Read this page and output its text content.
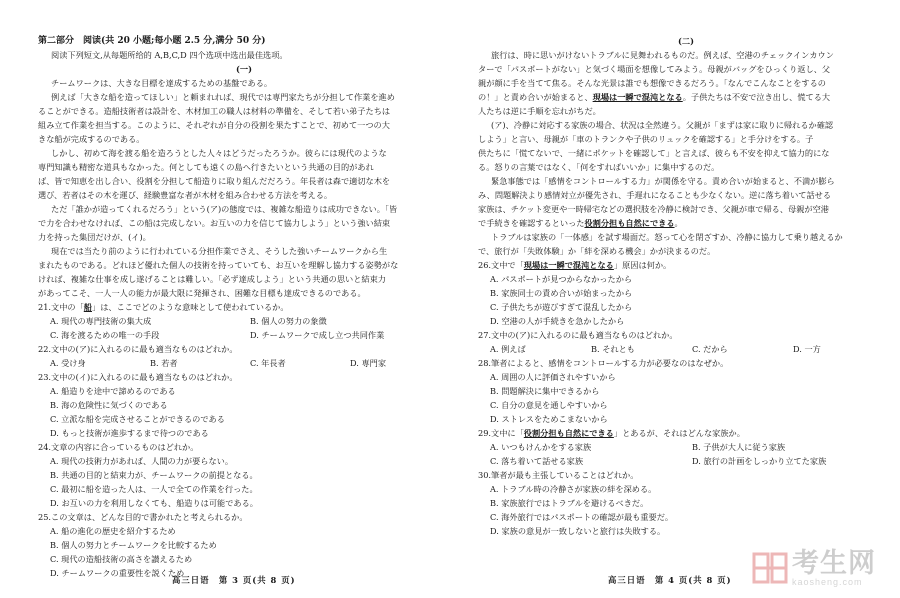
第二部分　阅读(共 20 小题;每小题 2.5 分,满分 50 分)
阅读下列短文,从每题所给的 A,B,C,D 四个选项中选出最佳选项。
(一)
チームワークは、大きな目標を達成するための基盤である。
例えば「大きな船を造ってほしい」と頼まれれば、現代では専門家たちが分担して作業を進め
ることができる。造船技術者は設計を、木材加工の職人は材料の準備を、そして若い弟子たちは
組み立て作業を担当する。このように、それぞれが自分の役割を果たすことで、初めて一つの大
きな船が完成するのである。
しかし、初めて海を渡る船を造ろうとした人々はどうだったろうか。彼らには現代のような
専門知識も精密な道具もなかった。何としても遠くの島へ行きたいという共通の目的があれ
ば、皆で知恵を出し合い、役割を分担して船造りに取り組んだだろう。年長者は森で適切な木を
選び、若者はその木を運び、経験豊富な者が木材を組み合わせる方法を考える。
ただ「誰かが造ってくれるだろう」という(ア)の態度では、複雑な船造りは成功できない。「皆
で力を合わせなければ、この船は完成しない。お互いの力を信じて協力しよう」という強い結束
力を持った集団だけが、(イ)。
現在では当たり前のように行われている分担作業でさえ、そうした強いチームワークから生
まれたものである。どれほど優れた個人の技術を持っていても、お互いを理解し協力する姿勢がな
ければ、複雑な仕事を成し遂げることは難しい。「必ず達成しよう」という共通の思いと結束力
があってこそ、一人一人の能力が最大限に発揮され、困難な目標も達成できるのである。
21.文中の「船」は、ここでどのような意味として使われているか。
A. 現代の専門技術の集大成	B. 個人の努力の象徴
C. 海を渡るための唯一の手段	D. チームワークで成し立つ共同作業
22.文中の(ア)に入れるのに最も適当なものはどれか。
A. 受け身	B. 若者	C. 年長者	D. 専門家
23.文中の(イ)に入れるのに最も適当なものはどれか。
A. 船造りを途中で諦めるのである
B. 海の危険性に気づくのである
C. 立派な船を完成させることができるのである
D. もっと技術が進歩するまで待つのである
24.文章の内容に合っているものはどれか。
A. 現代の技術力があれば、人間の力が要らない。
B. 共通の目的と結束力が、チームワークの前提となる。
C. 最初に船を造った人は、一人で全ての作業を行った。
D. お互いの力を利用しなくても、船造りは可能である。
25.この文章は、どんな目的で書かれたと考えられるか。
A. 船の進化の歴史を紹介するため
B. 個人の努力とチームワークを比較するため
C. 現代の造船技術の高さを讃えるため
D. チームワークの重要性を説くため
(二)
旅行は、時に思いがけないトラブルに見舞われるものだ。例えば、空港のチェックインカウン
ターで「パスポートがない」と気づく場面を想像してみよう。母親がバッグをひっくり返し、父
親が顔に手を当てて焦る。そんな光景は誰でも想像できるだろう。「なんでこんなことをするの
の！」と責め合いが始まると、現場は一瞬で混沌となる。子供たちは不安で泣き出し、慌てる大
人たちは逆に手順を忘れがちだ。
(ア)、冷静に対応する家族の場合、状況は全然違う。父親が「まずは家に取りに帰れるか確認
しよう」と言い、母親が「車のトランクや子供のリュックを確認する」と手分けをする。子
供たちに「慌てないで、一緒にポケットを確認して」と言えば、彼らも不安を抑えて協力的にな
る。怒りの言葉ではなく、「何をすればいいか」に集中するのだ。
緊急事態では「感情をコントロールする力」が関係を守る。責め合いが始まると、不満が膨ら
み、問題解決より感情対立が優先され、手遅れになることも少なくない。逆に落ち着いて話せる
家族は、チケット変更や一時帰宅などの選択肢を冷静に検討でき、父親が車で帰る、母親が空港
で手続きを確認するといった役割分担も自然にできる。
トラブルは家族の「一体感」を試す場面だ。怒って心を閉ざすか、冷静に協力して乗り越えるか
で、旅行が「失敗体験」か「絆を深める機会」かが決まるのだ。
26.文中で「現場は一瞬で混沌となる」原因は何か。
A. パスポートが見つからなかったから
B. 家族同士の責め合いが始まったから
C. 子供たちが遊びすぎて混乱したから
D. 空港の人が手続きを急かしたから
27.文中の(ア)に入れるのに最も適当なものはどれか。
A. 例えば	B. それとも	C. だから	D. 一方
28.筆者によると、感情をコントロールする力が必要なのはなぜか。
A. 周囲の人に評価されやすいから
B. 問題解決に集中できるから
C. 自分の意見を通しやすいから
D. ストレスをためこまないから
29.文中に「役割分担も自然にできる」とあるが、それはどんな家族か。
A. いつもけんかをする家族	B. 子供が大人に従う家族
C. 落ち着いて話せる家族	D. 旅行の計画をしっかり立てた家族
30.筆者が最も主張していることはどれか。
A. トラブル時の冷静さが家族の絆を深める。
B. 家族旅行ではトラブルを避けるべきだ。
C. 海外旅行ではパスポートの確認が最も重要だ。
D. 家族の意見が一致しないと旅行は失敗する。
高三日语　第 3 页(共 8 页)	高三日语　第 4 页(共 8 页)
考生网
kaosheng.com
